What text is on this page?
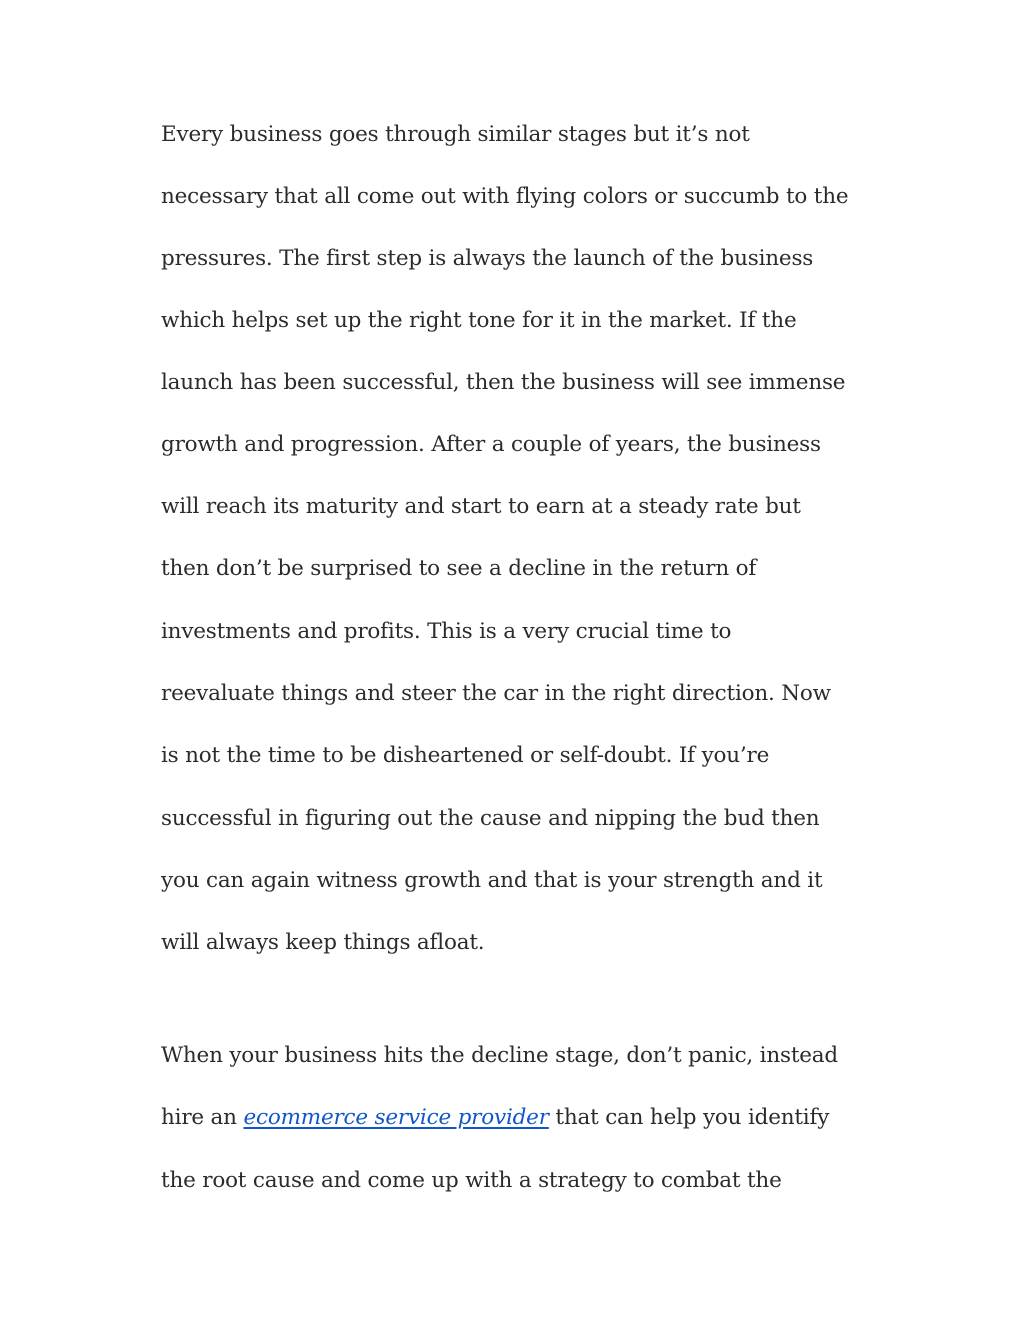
Every business goes through similar stages but it’s not
necessary that all come out with flying colors or succumb to the
pressures. The first step is always the launch of the business
which helps set up the right tone for it in the market. If the
launch has been successful, then the business will see immense
growth and progression. After a couple of years, the business
will reach its maturity and start to earn at a steady rate but
then don’t be surprised to see a decline in the return of
investments and profits. This is a very crucial time to
reevaluate things and steer the car in the right direction. Now
is not the time to be disheartened or self-doubt. If you’re
successful in figuring out the cause and nipping the bud then
you can again witness growth and that is your strength and it
will always keep things afloat.
When your business hits the decline stage, don’t panic, instead
hire an ecommerce service provider that can help you identify
the root cause and come up with a strategy to combat the
